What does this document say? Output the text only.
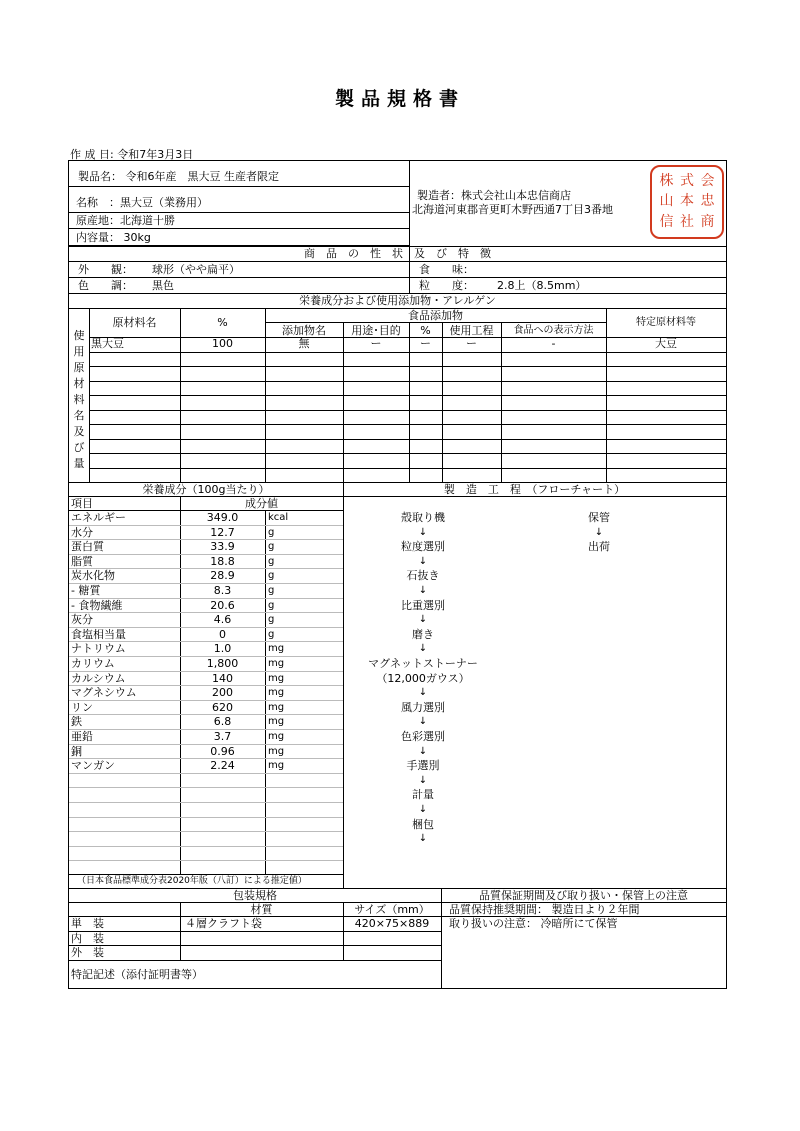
製品規格書
作 成 日: 令和7年3月3日
製品名： 令和6年産　黒大豆 生産者限定
名称　：黒大豆（業務用）
原産地：北海道十勝
内容量： 30kg
製造者：株式会社山本忠信商店
北海道河東郡音更町木野西通7丁目3番地
商　品　の　性　状　及　び　特　徴
外　　観： 球形（やや扁平）
色　　調： 黒色
食　　味：
粒　　度： 2.8上（8.5mm）
栄養成分および使用添加物・アレルゲン
原材料名	%
食品添加物
添加物名	用途･目的	%	使用工程	食品への表示方法
特定原材料等
使
用
原
材
料
名
及
び
量
黒大豆	100	無	ー	ー	ー	-	大豆
栄養成分（100g当たり）	製　造　工　程　（フローチャート）
項目	成分値
エネルギー	349.0	kcal
水分	12.7	g
蛋白質	33.9	g
脂質	18.8	g
炭水化物	28.9	g
- 糖質	8.3	g
- 食物繊維	20.6	g
灰分	4.6	g
食塩相当量	0	g
ナトリウム	1.0	mg
カリウム	1,800	mg
カルシウム	140	mg
マグネシウム	200	mg
リン	620	mg
鉄	6.8	mg
亜鉛	3.7	mg
銅	0.96	mg
マンガン	2.24	mg
（日本食品標準成分表2020年版（八訂）による推定値）
殻取り機
↓
粒度選別
↓
石抜き
↓
比重選別
↓
磨き
↓
マグネットストーナー
（12,000ガウス）
↓
風力選別
↓
色彩選別
↓
手選別
↓
計量
↓
梱包
↓
保管
↓
出荷
包装規格	品質保証期間及び取り扱い・保管上の注意
材質	サイズ（mm）	品質保持推奨期間： 製造日より２年間
単　装	４層クラフト袋	420×75×889	取り扱いの注意： 冷暗所にて保管
内　装
外　装
特記記述（添付証明書等）
株 式 会
山 本 忠
信 社 商
